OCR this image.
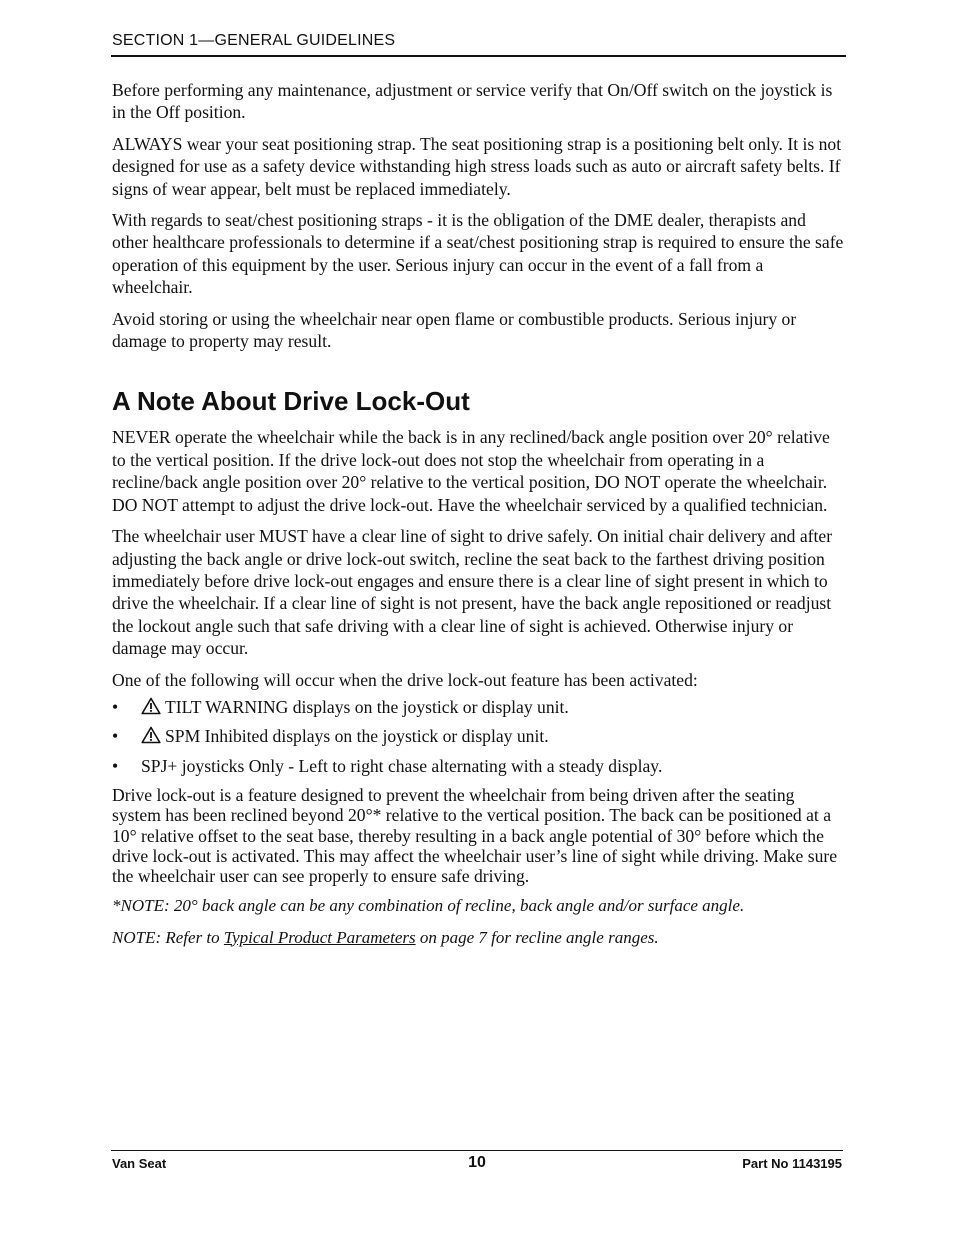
SECTION 1—GENERAL GUIDELINES

Before performing any maintenance, adjustment or service verify that On/Off switch on the joystick is in the Off position.

ALWAYS wear your seat positioning strap. The seat positioning strap is a positioning belt only. It is not designed for use as a safety device withstanding high stress loads such as auto or aircraft safety belts. If signs of wear appear, belt must be replaced immediately.

With regards to seat/chest positioning straps - it is the obligation of the DME dealer, therapists and other healthcare professionals to determine if a seat/chest positioning strap is required to ensure the safe operation of this equipment by the user. Serious injury can occur in the event of a fall from a wheelchair.

Avoid storing or using the wheelchair near open flame or combustible products. Serious injury or damage to property may result.

A Note About Drive Lock-Out

NEVER operate the wheelchair while the back is in any reclined/back angle position over 20° relative to the vertical position. If the drive lock-out does not stop the wheelchair from operating in a recline/back angle position over 20° relative to the vertical position, DO NOT operate the wheelchair. DO NOT attempt to adjust the drive lock-out. Have the wheelchair serviced by a qualified technician.

The wheelchair user MUST have a clear line of sight to drive safely. On initial chair delivery and after adjusting the back angle or drive lock-out switch, recline the seat back to the farthest driving position immediately before drive lock-out engages and ensure there is a clear line of sight present in which to drive the wheelchair. If a clear line of sight is not present, have the back angle repositioned or readjust the lockout angle such that safe driving with a clear line of sight is achieved. Otherwise injury or damage may occur.

One of the following will occur when the drive lock-out feature has been activated:

•	TILT WARNING displays on the joystick or display unit.
•	SPM Inhibited displays on the joystick or display unit.
• SPJ+ joysticks Only - Left to right chase alternating with a steady display.

Drive lock-out is a feature designed to prevent the wheelchair from being driven after the seating system has been reclined beyond 20°* relative to the vertical position. The back can be positioned at a 10° relative offset to the seat base, thereby resulting in a back angle potential of 30° before which the drive lock-out is activated. This may affect the wheelchair user’s line of sight while driving. Make sure the wheelchair user can see properly to ensure safe driving.

*NOTE: 20° back angle can be any combination of recline, back angle and/or surface angle.

NOTE: Refer to Typical Product Parameters on page 7 for recline angle ranges.

Van Seat	10	Part No 1143195
